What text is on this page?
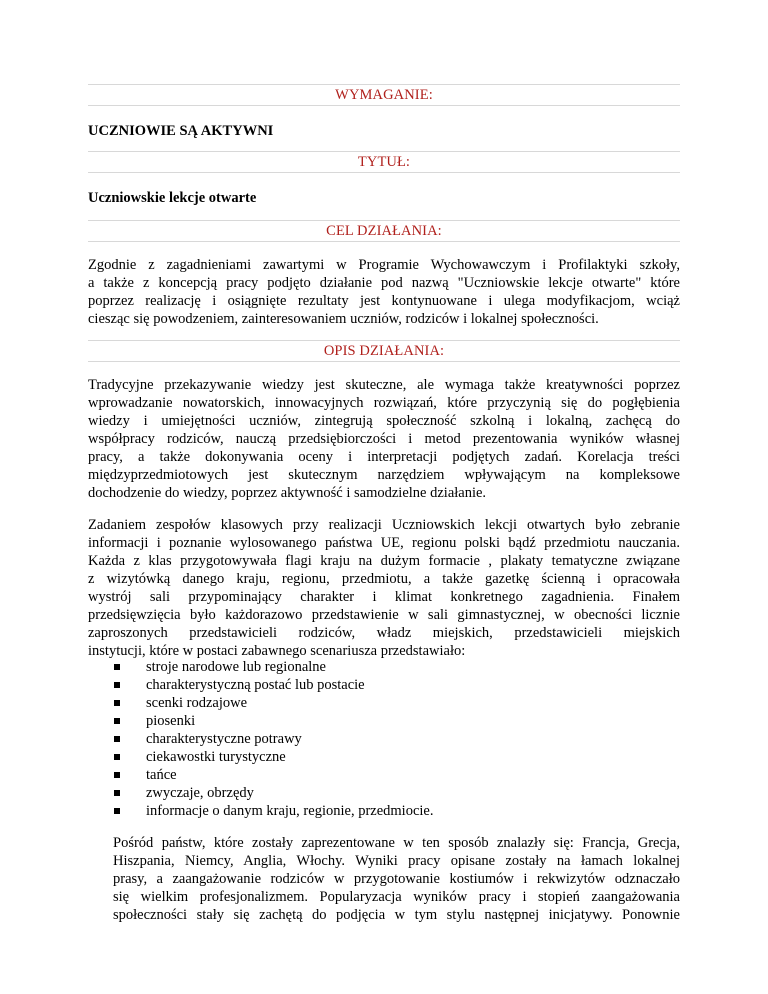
WYMAGANIE:
UCZNIOWIE SĄ AKTYWNI
TYTUŁ:
Uczniowskie lekcje otwarte
CEL DZIAŁANIA:
Zgodnie z zagadnieniami zawartymi w Programie Wychowawczym i Profilaktyki szkoły,
a także z koncepcją pracy podjęto działanie pod nazwą "Uczniowskie lekcje otwarte" które
poprzez realizację i osiągnięte rezultaty jest kontynuowane i ulega modyfikacjom, wciąż
ciesząc się powodzeniem, zainteresowaniem uczniów, rodziców i lokalnej społeczności.
OPIS DZIAŁANIA:
Tradycyjne przekazywanie wiedzy jest skuteczne, ale wymaga także kreatywności poprzez
wprowadzanie nowatorskich, innowacyjnych rozwiązań, które przyczynią się do pogłębienia
wiedzy i umiejętności uczniów, zintegrują społeczność szkolną i lokalną, zachęcą do
współpracy rodziców, nauczą przedsiębiorczości i metod prezentowania wyników własnej
pracy, a także dokonywania oceny i interpretacji podjętych zadań. Korelacja treści
międzyprzedmiotowych jest skutecznym narzędziem wpływającym na kompleksowe
dochodzenie do wiedzy, poprzez aktywność i samodzielne działanie.
Zadaniem zespołów klasowych przy realizacji Uczniowskich lekcji otwartych było zebranie
informacji i poznanie wylosowanego państwa UE, regionu polski bądź przedmiotu nauczania.
Każda z klas przygotowywała flagi kraju na dużym formacie , plakaty tematyczne związane
z wizytówką danego kraju, regionu, przedmiotu, a także gazetkę ścienną i opracowała
wystrój sali przypominający charakter i klimat konkretnego zagadnienia. Finałem
przedsięwzięcia było każdorazowo przedstawienie w sali gimnastycznej, w obecności licznie
zaproszonych przedstawicieli rodziców, władz miejskich, przedstawicieli miejskich
instytucji, które w postaci zabawnego scenariusza przedstawiało:
stroje narodowe lub regionalne
charakterystyczną postać lub postacie
scenki rodzajowe
piosenki
charakterystyczne potrawy
ciekawostki turystyczne
tańce
zwyczaje, obrzędy
informacje o danym kraju, regionie, przedmiocie.
Pośród państw, które zostały zaprezentowane w ten sposób znalazły się: Francja, Grecja,
Hiszpania, Niemcy, Anglia, Włochy. Wyniki pracy opisane zostały na łamach lokalnej
prasy, a zaangażowanie rodziców w przygotowanie kostiumów i rekwizytów odznaczało
się wielkim profesjonalizmem. Popularyzacja wyników pracy i stopień zaangażowania
społeczności stały się zachętą do podjęcia w tym stylu następnej inicjatywy. Ponownie
